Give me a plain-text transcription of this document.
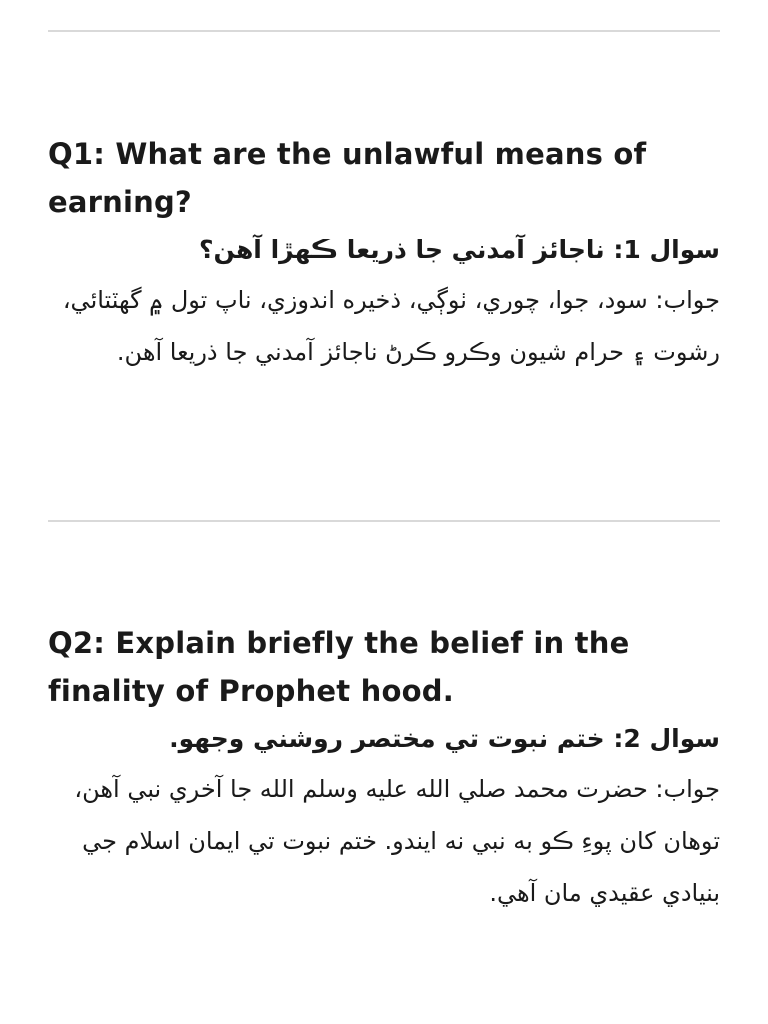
Q1: What are the unlawful means of earning?

سوال 1: ناجائز آمدني جا ذريعا ڪهڙا آهن؟

جواب: سود، جوا، چوري، ٺوڳي، ذخيره اندوزي، ناپ تول ۾ گهٽتائي، رشوت ۽ حرام شيون وڪرو ڪرڻ ناجائز آمدني جا ذريعا آهن.

Q2: Explain briefly the belief in the finality of Prophet hood.

سوال 2: ختم نبوت تي مختصر روشني وجهو.

جواب: حضرت محمد صلي الله عليه وسلم الله جا آخري نبي آهن، توهان کان پوءِ ڪو به نبي نه ايندو. ختم نبوت تي ايمان اسلام جي بنيادي عقيدي مان آهي.
